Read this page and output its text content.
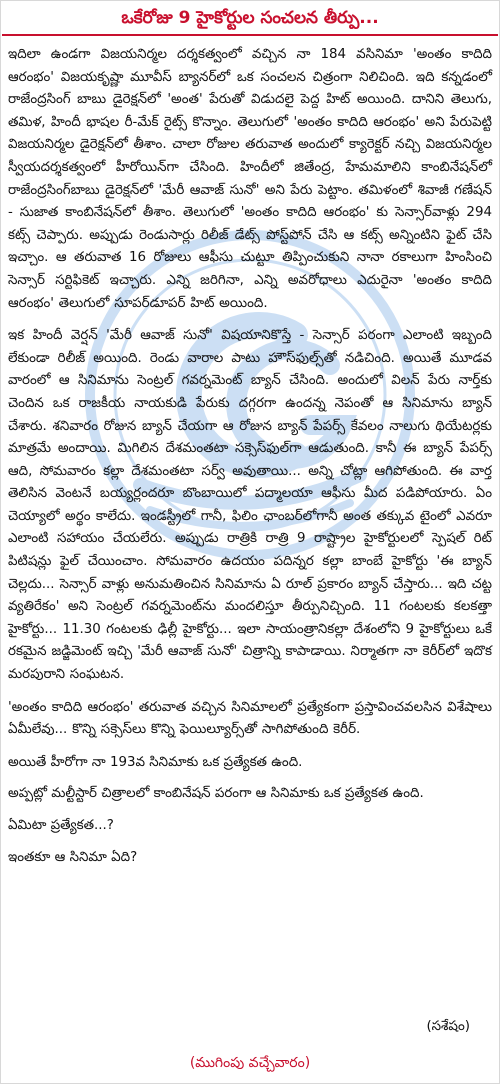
ఒకేరోజు 9 హైకోర్టుల సంచలన తీర్పు...

ఇదిలా ఉండగా విజయనిర్మల దర్శకత్వంలో వచ్చిన నా 184 వసినిమా 'అంతం కాదిది ఆరంభం' విజయకృష్ణా మూవీస్ బ్యానర్‌లో ఒక సంచలన చిత్రంగా నిలిచింది. ఇది కన్నడంలో రాజేంద్రసింగ్ బాబు డైరెక్షన్‌లో 'అంత' పేరుతో విడుదలై పెద్ద హిట్ అయింది. దానిని తెలుగు, తమిళ, హిందీ భాషల రీ-మేక్ రైట్స్ కొన్నాం. తెలుగులో 'అంతం కాదిది ఆరంభం' అని పేరుపెట్టి విజయనిర్మల డైరెక్షన్‌లో తీశాం. చాలా రోజుల తరువాత అందులో క్యారెక్టర్ నచ్చి విజయనిర్మల స్వీయదర్శకత్వంలో హీరోయిన్‌గా చేసింది. హిందీలో జితేంద్ర, హేమమాలిని కాంబినేషన్‌లో రాజేంద్రసింగ్‌బాబు డైరెక్షన్‌లో 'మేరీ ఆవాజ్ సునో' అని పేరు పెట్టాం. తమిళంలో శివాజీ గణేషన్ - సుజాత కాంబినేషన్‌లో తీశాం. తెలుగులో 'అంతం కాదిది ఆరంభం' కు సెన్సార్‌వాళ్లు 294 కట్స్ చెప్పారు. అప్పుడు రెండుసార్లు రిలీజ్ డేట్స్ పోస్ట్‌పోన్ చేసి ఆ కట్స్ అన్నింటిని ఫైట్ చేసి ఇచ్చాం. ఆ తరువాత 16 రోజులు ఆఫీసు చుట్టూ తిప్పించుకుని నానా రకాలుగా హింసించి సెన్సార్ సర్టిఫికెట్ ఇచ్చారు. ఎన్ని జరిగినా, ఎన్ని అవరోధాలు ఎదురైనా 'అంతం కాదిది ఆరంభం' తెలుగులో సూపర్‌డూపర్ హిట్ అయింది.

ఇక హిందీ వెర్షన్ 'మేరీ ఆవాజ్ సునో' విషయానికొస్తే - సెన్సార్ పరంగా ఎలాంటి ఇబ్బంది లేకుండా రిలీజ్ అయింది. రెండు వారాల పాటు హౌస్‌ఫుల్స్‌తో నడిచింది. అయితే మూడవ వారంలో ఆ సినిమాను సెంట్రల్ గవర్నమెంట్ బ్యాన్ చేసింది. అందులో విలన్ పేరు నార్త్‌కు చెందిన ఒక రాజకీయ నాయకుడి పేరుకు దగ్గరగా ఉందన్న నెపంతో ఆ సినిమాను బ్యాన్ చేశారు. శనివారం రోజున బ్యాన్ చేయగా ఆ రోజున బ్యాన్ పేపర్స్ కేవలం నాలుగు థియేటర్లకు మాత్రమే అందాయి. మిగిలిన దేశమంతటా సక్సెస్‌ఫుల్‌గా ఆడుతుంది. కానీ ఈ బ్యాన్ పేపర్స్ ఆది, సోమవారం కల్లా దేశమంతటా సర్వ్ అవుతాయి... అన్ని చోట్లా ఆగిపోతుంది. ఈ వార్త తెలిసిన వెంటనే బయ్యర్లందరూ బొంబాయిలో పద్మాలయా ఆఫీసు మీద పడిపోయారు. ఏం చెయ్యాలో అర్థం కాలేదు. ఇండస్ట్రీలో గానీ, ఫిలిం ఛాంబర్‌లోగానీ అంత తక్కువ టైంలో ఎవరూ ఎలాంటి సహాయం చేయలేరు. అప్పుడు రాత్రికి రాత్రి 9 రాష్ట్రాల హైకోర్టులలో స్పెషల్ రిట్ పిటిషన్లు ఫైల్ చేయించాం. సోమవారం ఉదయం పదిన్నర కల్లా బాంబే హైకోర్టు 'ఈ బ్యాన్ చెల్లదు... సెన్సార్ వాళ్లు అనుమతించిన సినిమాను ఏ రూల్ ప్రకారం బ్యాన్ చేస్తారు... ఇది చట్ట వ్యతిరేకం' అని సెంట్రల్ గవర్నమెంట్‌ను మందలిస్తూ తీర్పునిచ్చింది. 11 గంటలకు కలకత్తా హైకోర్టు... 11.30 గంటలకు ఢిల్లీ హైకోర్టు... ఇలా సాయంత్రానికల్లా దేశంలోని 9 హైకోర్టులు ఒకే రకమైన జడ్జిమెంట్ ఇచ్చి 'మేరీ ఆవాజ్ సునో' చిత్రాన్ని కాపాడాయి. నిర్మాతగా నా కెరీర్‌లో ఇదొక మరపురాని సంఘటన.

'అంతం కాదిది ఆరంభం' తరువాత వచ్చిన సినిమాలలో ప్రత్యేకంగా ప్రస్తావించవలసిన విశేషాలు ఏమీలేవు... కొన్ని సక్సెస్‌లు కొన్ని ఫెయిల్యూర్స్‌తో సాగిపోతుంది కెరీర్.

అయితే హీరోగా నా 193వ సినిమాకు ఒక ప్రత్యేకత ఉంది.

అప్పట్లో మల్టీస్టార్ చిత్రాలలో కాంబినేషన్ పరంగా ఆ సినిమాకు ఒక ప్రత్యేకత ఉంది.

ఏమిటా ప్రత్యేకత...?

ఇంతకూ ఆ సినిమా ఏది?

(సశేషం)
(ముగింపు వచ్చేవారం)
